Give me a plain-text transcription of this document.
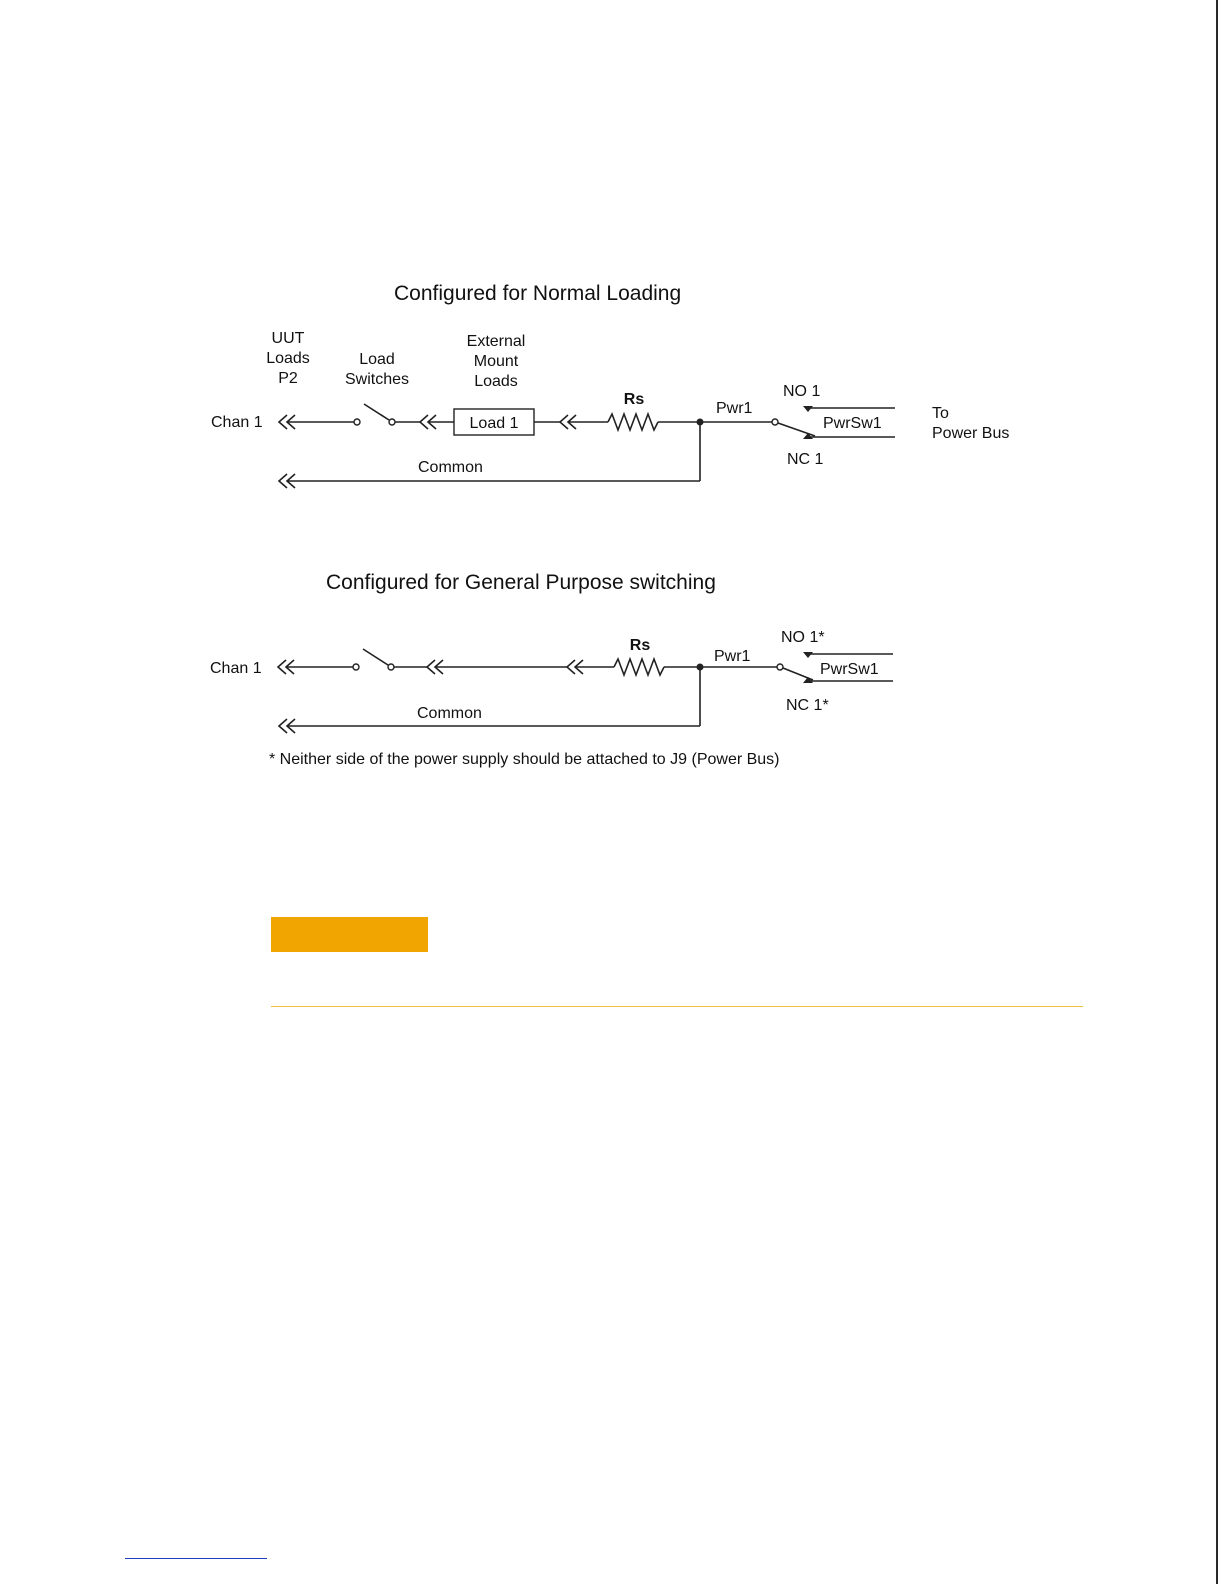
Configured for Normal Loading
UUT
Loads
P2
Load
Switches
External
Mount
Loads
Chan 1	Load 1
Rs
Pwr1
NO 1
PwrSw1
NC 1
To
Power Bus
Common
Configured for General Purpose switching
Chan 1
Rs
Pwr1
NO 1*
PwrSw1
NC 1*
Common
* Neither side of the power supply should be attached to J9 (Power Bus)
